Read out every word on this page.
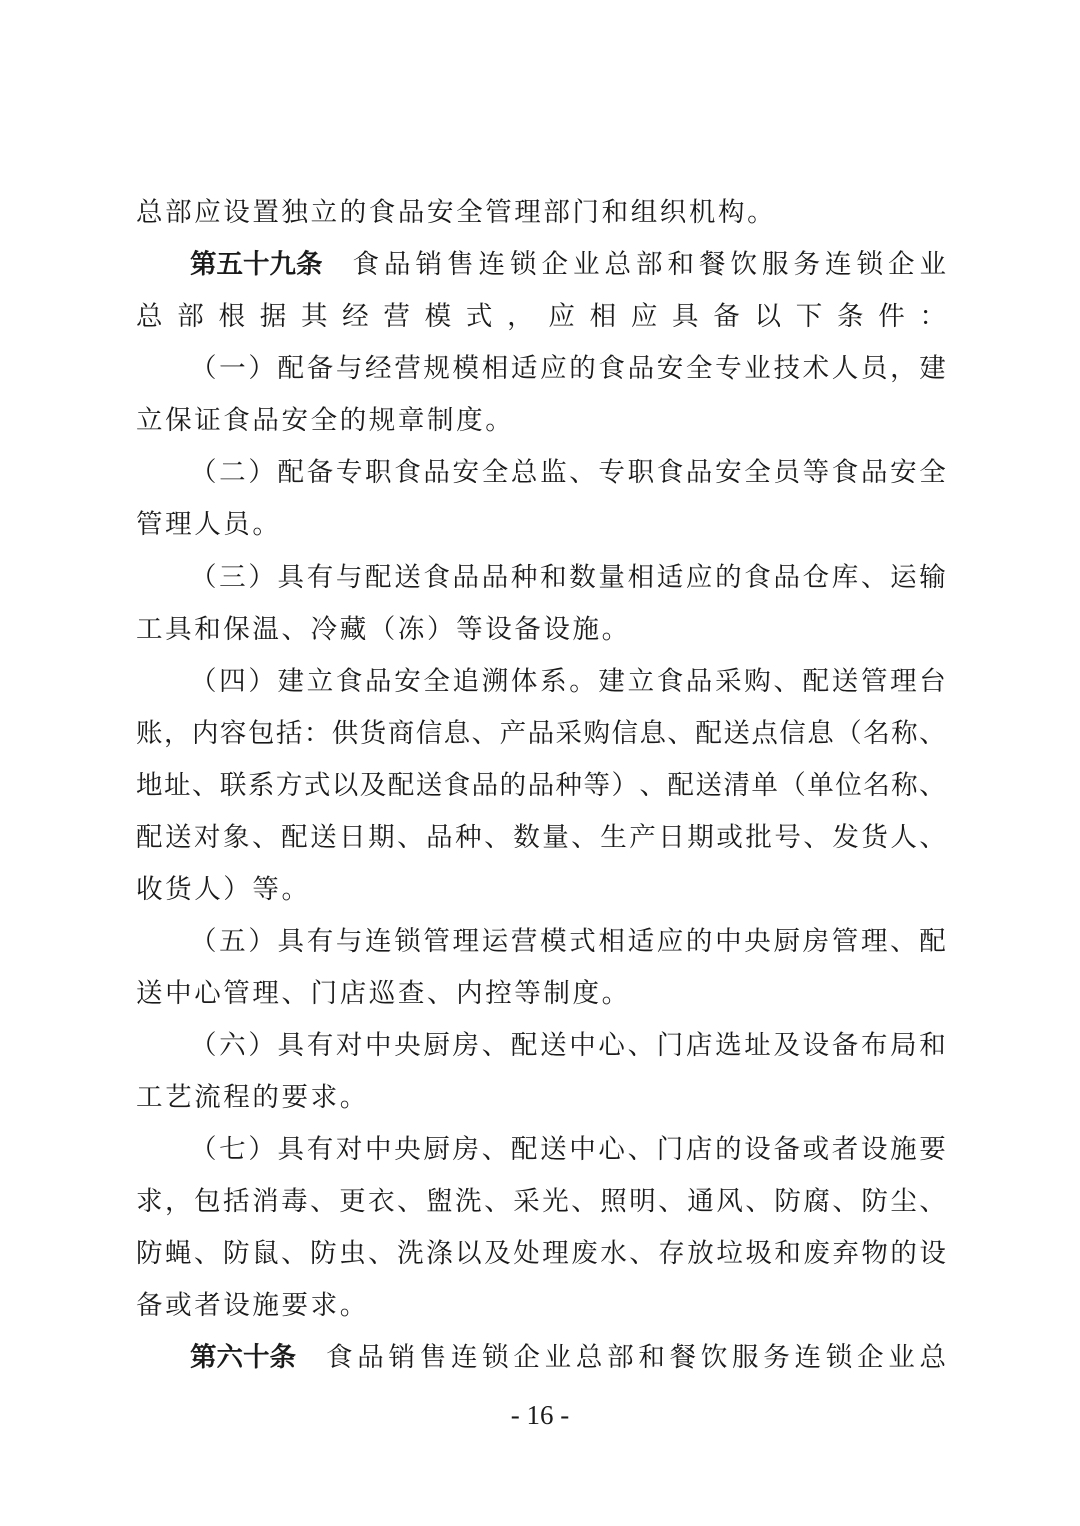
总部应设置独立的食品安全管理部门和组织机构。
第五十九条 食 品 销 售 连 锁 企 业 总 部 和 餐 饮 服 务 连 锁 企 业
总 部 根 据 其 经 营 模 式 ， 应 相 应 具 备 以 下 条 件 ：
（ 一 ） 配 备 与 经 营 规 模 相 适 应 的 食 品 安 全 专 业 技 术 人 员 ， 建
立保证食品安全的规章制度。
（ 二 ） 配 备 专 职 食 品 安 全 总 监 、 专 职 食 品 安 全 员 等 食 品 安 全
管理人员。
（ 三 ） 具 有 与 配 送 食 品 品 种 和 数 量 相 适 应 的 食 品 仓 库 、 运 输
工具和保温、冷藏（冻）等设备设施。
（ 四 ） 建 立 食 品 安 全 追 溯 体 系 。 建 立 食 品 采 购 、 配 送 管 理 台
账 ， 内 容 包 括 ： 供 货 商 信 息 、 产 品 采 购 信 息 、 配 送 点 信 息 （ 名 称 、
地 址 、 联 系 方 式 以 及 配 送 食 品 的 品 种 等 ） 、 配 送 清 单 （ 单 位 名 称 、
配 送 对 象 、 配 送 日 期 、 品 种 、 数 量 、 生 产 日 期 或 批 号 、 发 货 人 、
收货人）等。
（ 五 ） 具 有 与 连 锁 管 理 运 营 模 式 相 适 应 的 中 央 厨 房 管 理 、 配
送中心管理、门店巡查、内控等制度。
（ 六 ） 具 有 对 中 央 厨 房 、 配 送 中 心 、 门 店 选 址 及 设 备 布 局 和
工艺流程的要求。
（ 七 ） 具 有 对 中 央 厨 房 、 配 送 中 心 、 门 店 的 设 备 或 者 设 施 要
求 ， 包 括 消 毒 、 更 衣 、 盥 洗 、 采 光 、 照 明 、 通 风 、 防 腐 、 防 尘 、
防 蝇 、 防 鼠 、 防 虫 、 洗 涤 以 及 处 理 废 水 、 存 放 垃 圾 和 废 弃 物 的 设
备或者设施要求。
第六十条 食 品 销 售 连 锁 企 业 总 部 和 餐 饮 服 务 连 锁 企 业 总
- 16 -
